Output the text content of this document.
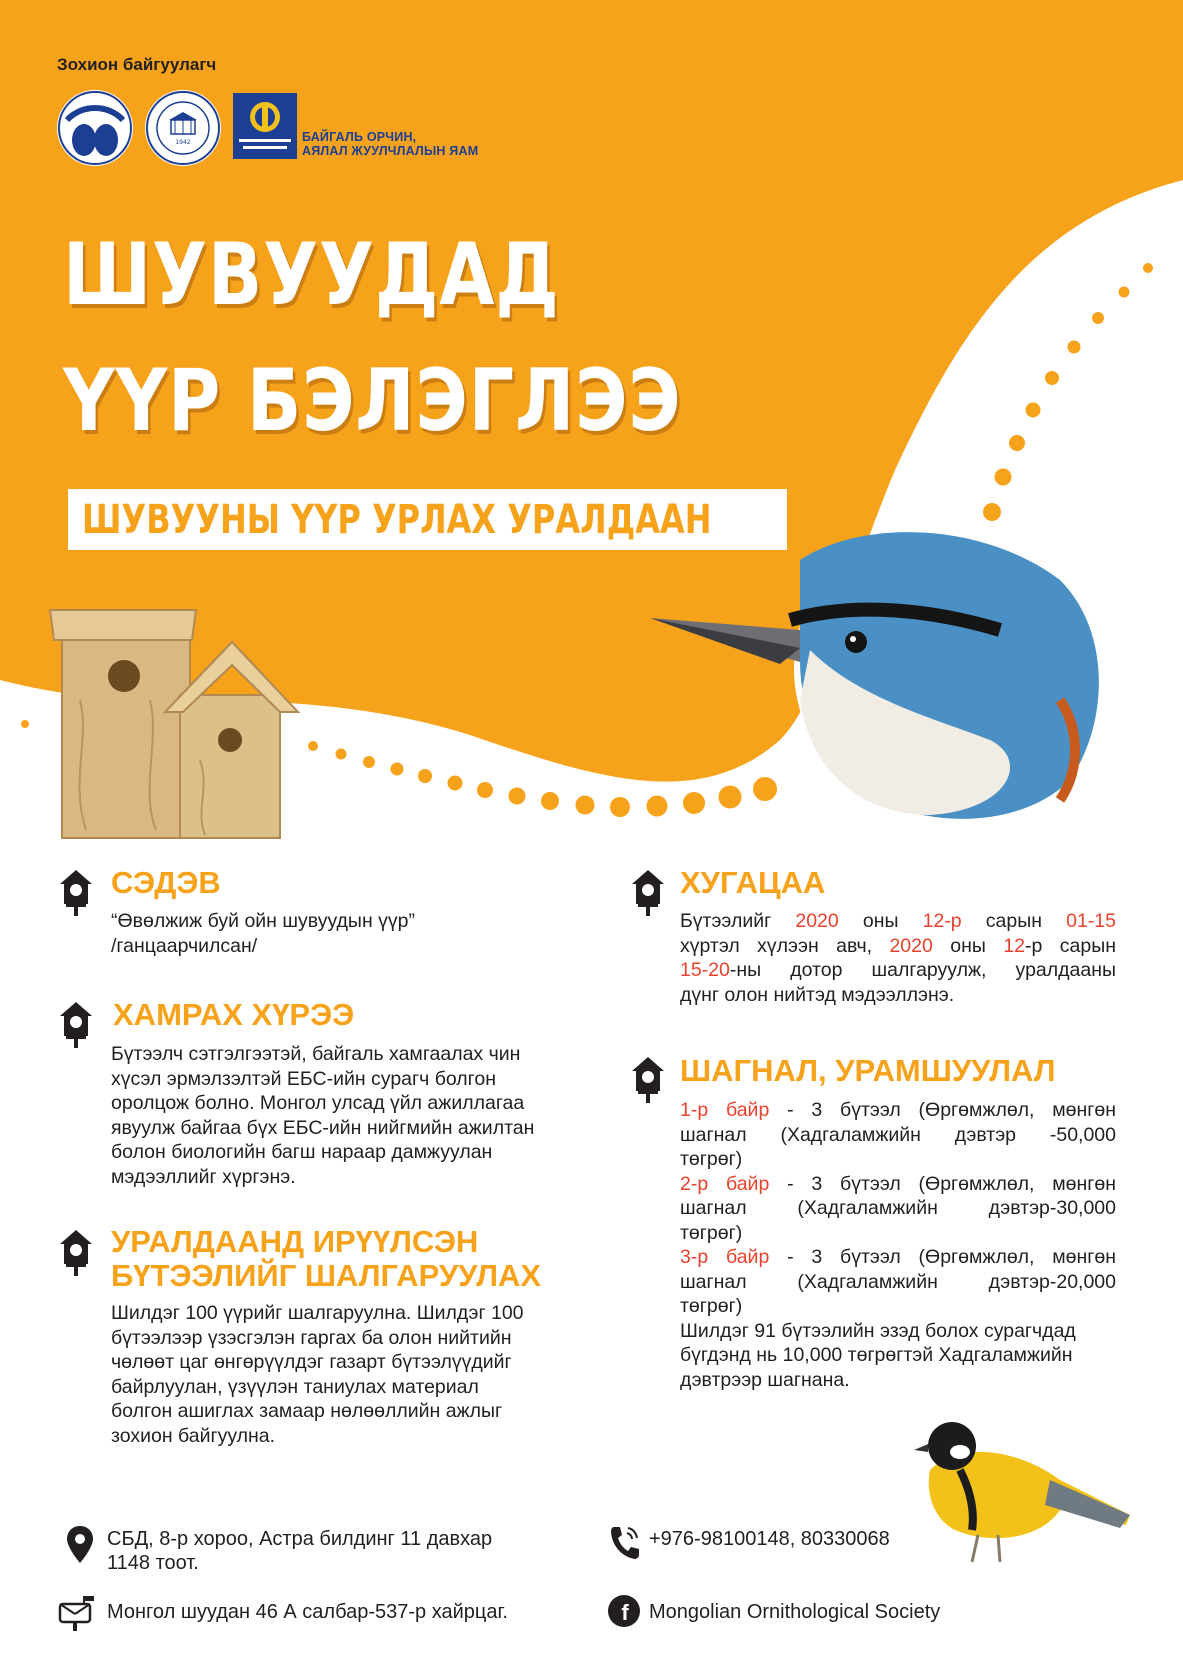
Зохион байгуулагч
1942	БАЙГАЛЬ ОРЧИН,
АЯЛАЛ ЖУУЛЧЛАЛЫН ЯАМ
ШУВУУДАД
ҮҮР БЭЛЭГЛЭЭ
ШУВУУНЫ ҮҮР УРЛАХ УРАЛДААН
СЭДЭВ
“Өвөлжиж буй ойн шувуудын үүр”
/ганцаарчилсан/
ХАМРАХ ХҮРЭЭ
Бүтээлч сэтгэлгээтэй, байгаль хамгаалах чин
хүсэл эрмэлзэлтэй ЕБС-ийн сурагч болгон
оролцож болно. Монгол улсад үйл ажиллагаа
явуулж байгаа бүх ЕБС-ийн нийгмийн ажилтан
болон биологийн багш нараар дамжуулан
мэдээллийг хүргэнэ.
УРАЛДААНД ИРҮҮЛСЭН
БҮТЭЭЛИЙГ ШАЛГАРУУЛАХ
Шилдэг 100 үүрийг шалгаруулна. Шилдэг 100
бүтээлээр үзэсгэлэн гаргах ба олон нийтийн
чөлөөт цаг өнгөрүүлдэг газарт бүтээлүүдийг
байрлуулан, үзүүлэн таниулах материал
болгон ашиглах замаар нөлөөллийн ажлыг
зохион байгуулна.
ХУГАЦАА
Бүтээлийг 2020 оны 12-р сарын 01-15
хүртэл хүлээн авч, 2020 оны 12-р сарын
15-20-ны дотор шалгаруулж, уралдааны
дүнг олон нийтэд мэдээллэнэ.
ШАГНАЛ, УРАМШУУЛАЛ
1-р байр - 3 бүтээл (Өргөмжлөл, мөнгөн
шагнал (Хадгаламжийн дэвтэр -50,000
төгрөг)
2-р байр - 3 бүтээл (Өргөмжлөл, мөнгөн
шагнал (Хадгаламжийн дэвтэр-30,000
төгрөг)
3-р байр - 3 бүтээл (Өргөмжлөл, мөнгөн
шагнал (Хадгаламжийн дэвтэр-20,000
төгрөг)
Шилдэг 91 бүтээлийн эзэд болох сурагчдад
бүгдэнд нь 10,000 төгрөгтэй Хадгаламжийн
дэвтрээр шагнана.
СБД, 8-р хороо, Астра билдинг 11 давхар
1148 тоот.
Монгол шуудан 46 А салбар-537-р хайрцаг.
+976-98100148, 80330068
f Mongolian Ornithological Society
